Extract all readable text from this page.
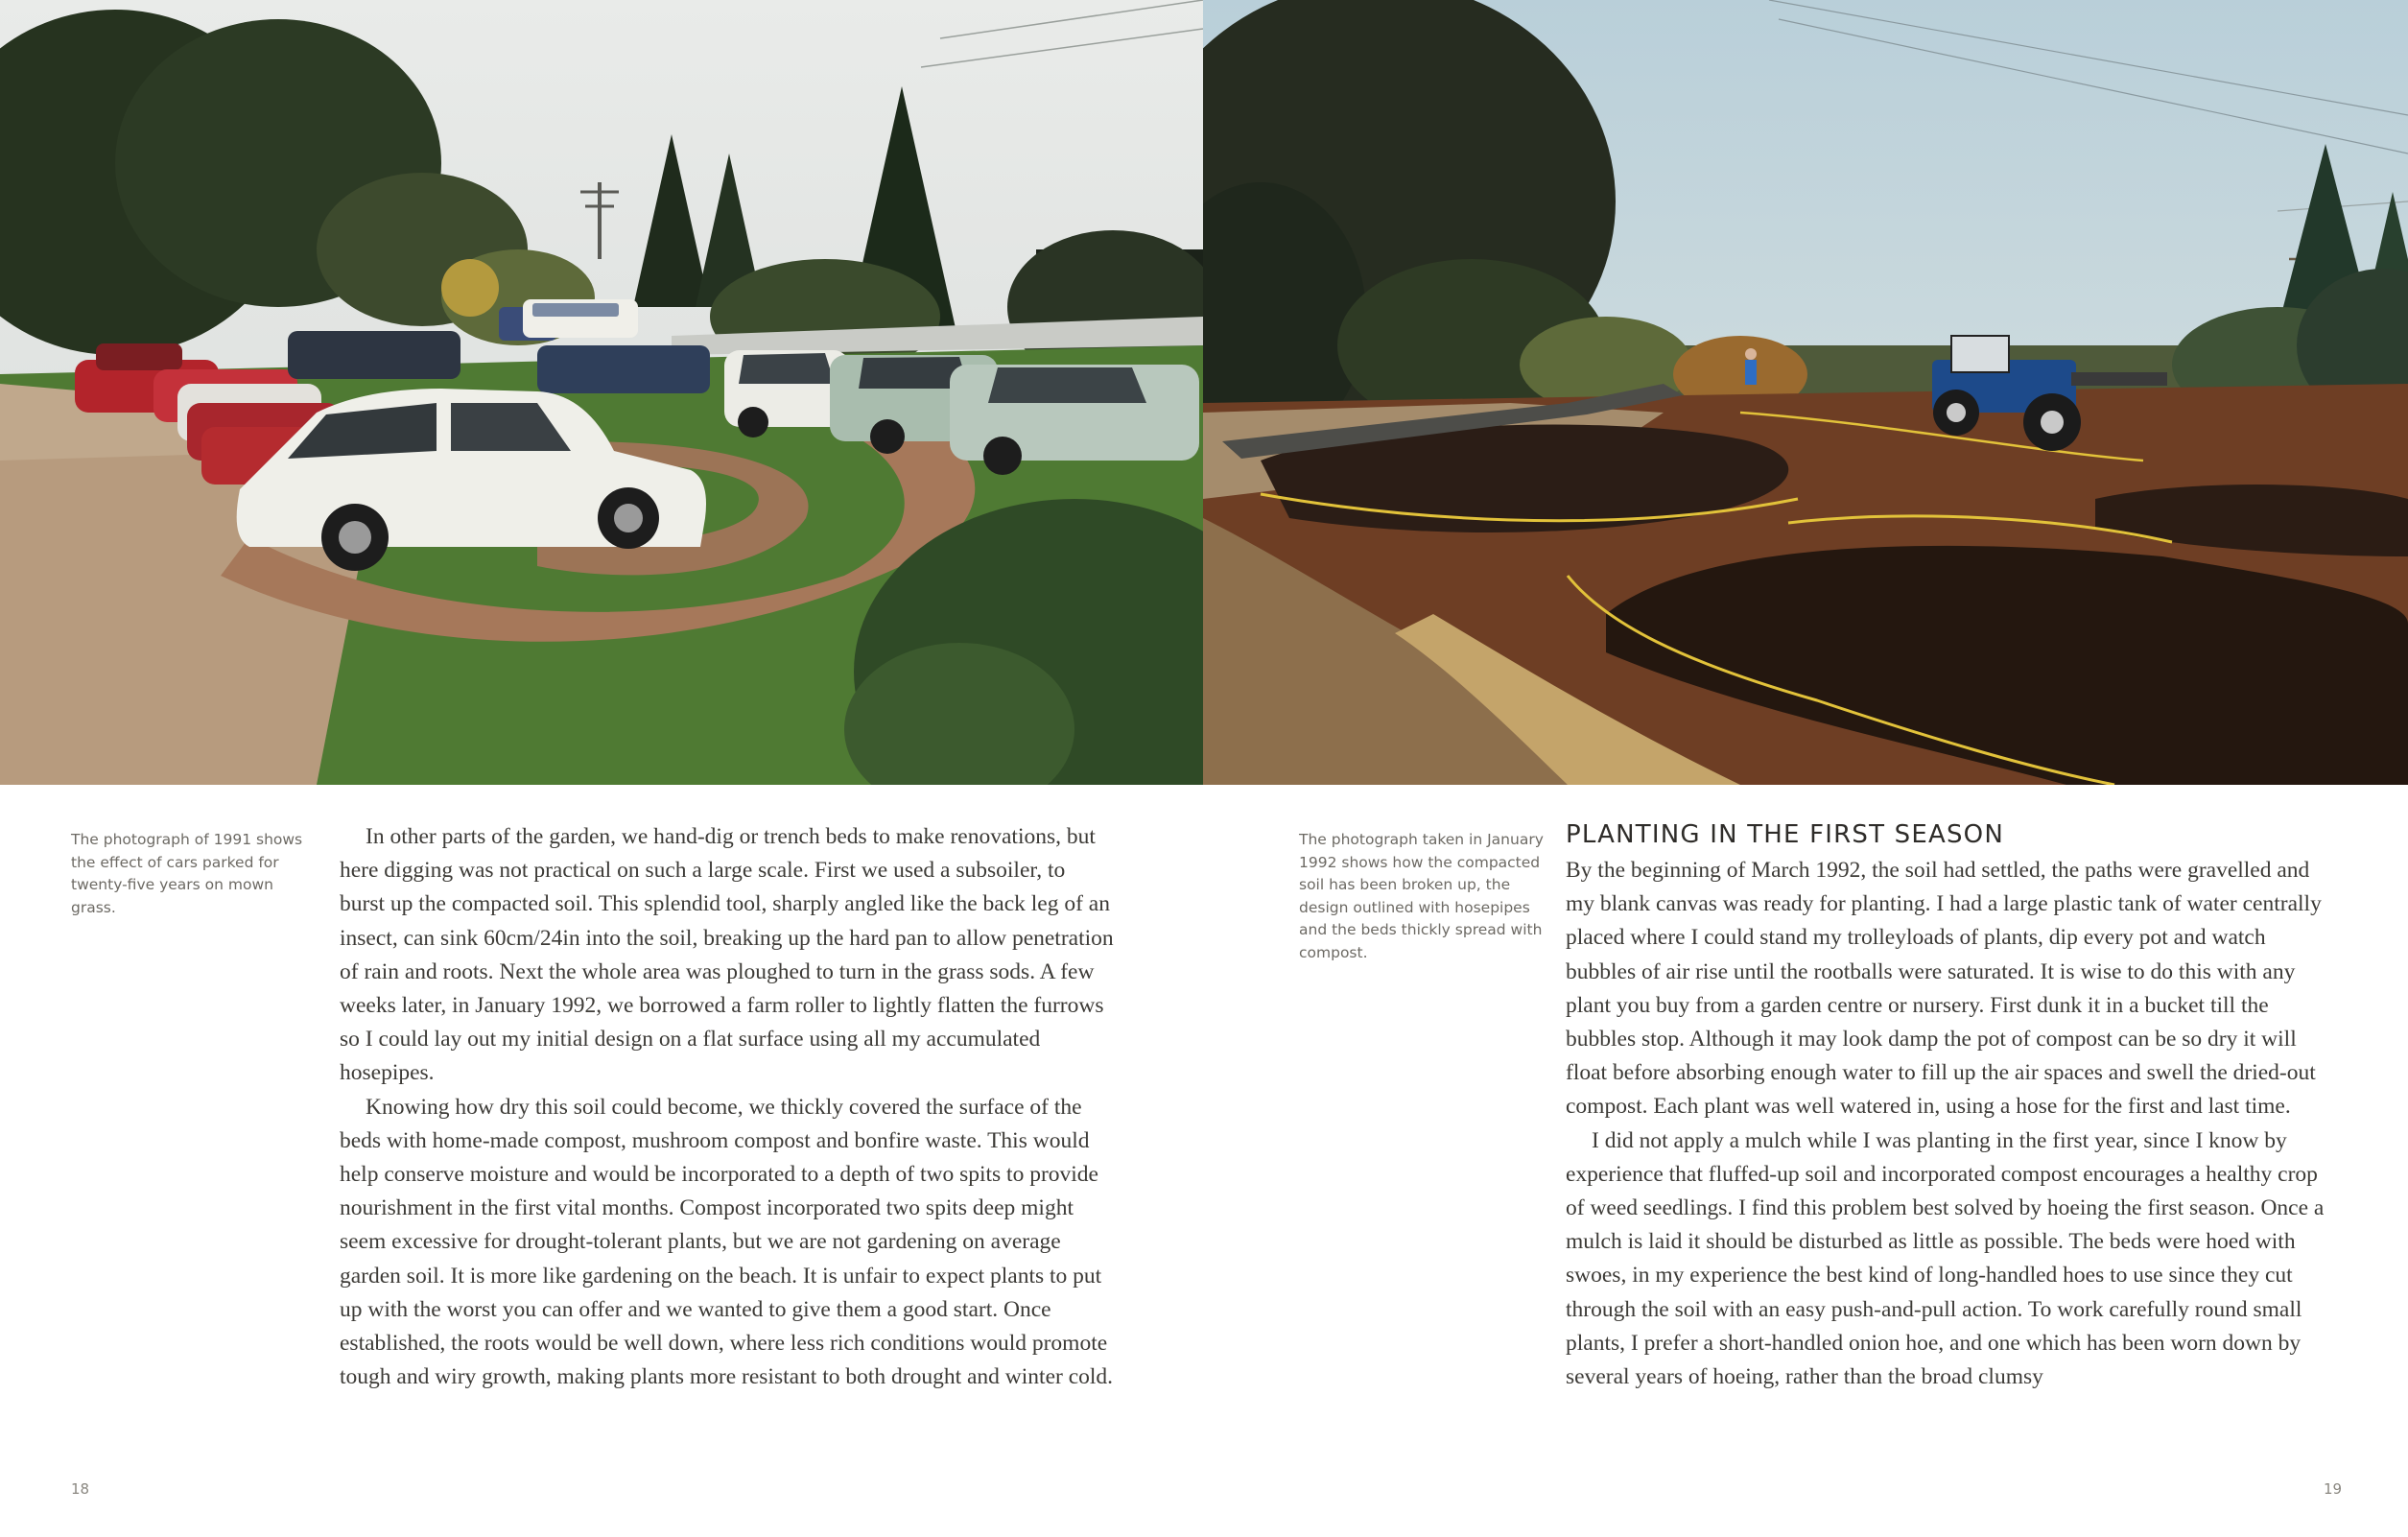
The photograph of 1991 shows the effect of cars parked for twenty-five years on mown grass.

The photograph taken in January 1992 shows how the compacted soil has been broken up, the design outlined with hosepipes and the beds thickly spread with compost.

In other parts of the garden, we hand-dig or trench beds to make renovations, but here digging was not practical on such a large scale. First we used a subsoiler, to burst up the compacted soil. This splendid tool, sharply angled like the back leg of an insect, can sink 60cm/24in into the soil, breaking up the hard pan to allow penetration of rain and roots. Next the whole area was ploughed to turn in the grass sods. A few weeks later, in January 1992, we borrowed a farm roller to lightly flatten the furrows so I could lay out my initial design on a flat surface using all my accumulated hosepipes.

Knowing how dry this soil could become, we thickly covered the surface of the beds with home-made compost, mushroom compost and bonfire waste. This would help conserve moisture and would be incorporated to a depth of two spits to provide nourishment in the first vital months. Compost incorporated two spits deep might seem excessive for drought-tolerant plants, but we are not gardening on average garden soil. It is more like gardening on the beach. It is unfair to expect plants to put up with the worst you can offer and we wanted to give them a good start. Once established, the roots would be well down, where less rich conditions would promote tough and wiry growth, making plants more resistant to both drought and winter cold.

PLANTING IN THE FIRST SEASON

By the beginning of March 1992, the soil had settled, the paths were gravelled and my blank canvas was ready for planting. I had a large plastic tank of water centrally placed where I could stand my trolleyloads of plants, dip every pot and watch bubbles of air rise until the rootballs were saturated. It is wise to do this with any plant you buy from a garden centre or nursery. First dunk it in a bucket till the bubbles stop. Although it may look damp the pot of compost can be so dry it will float before absorbing enough water to fill up the air spaces and swell the dried-out compost. Each plant was well watered in, using a hose for the first and last time.

I did not apply a mulch while I was planting in the first year, since I know by experience that fluffed-up soil and incorporated compost encourages a healthy crop of weed seedlings. I find this problem best solved by hoeing the first season. Once a mulch is laid it should be disturbed as little as possible. The beds were hoed with swoes, in my experience the best kind of long-handled hoes to use since they cut through the soil with an easy push-and-pull action. To work carefully round small plants, I prefer a short-handled onion hoe, and one which has been worn down by several years of hoeing, rather than the broad clumsy

18	19
